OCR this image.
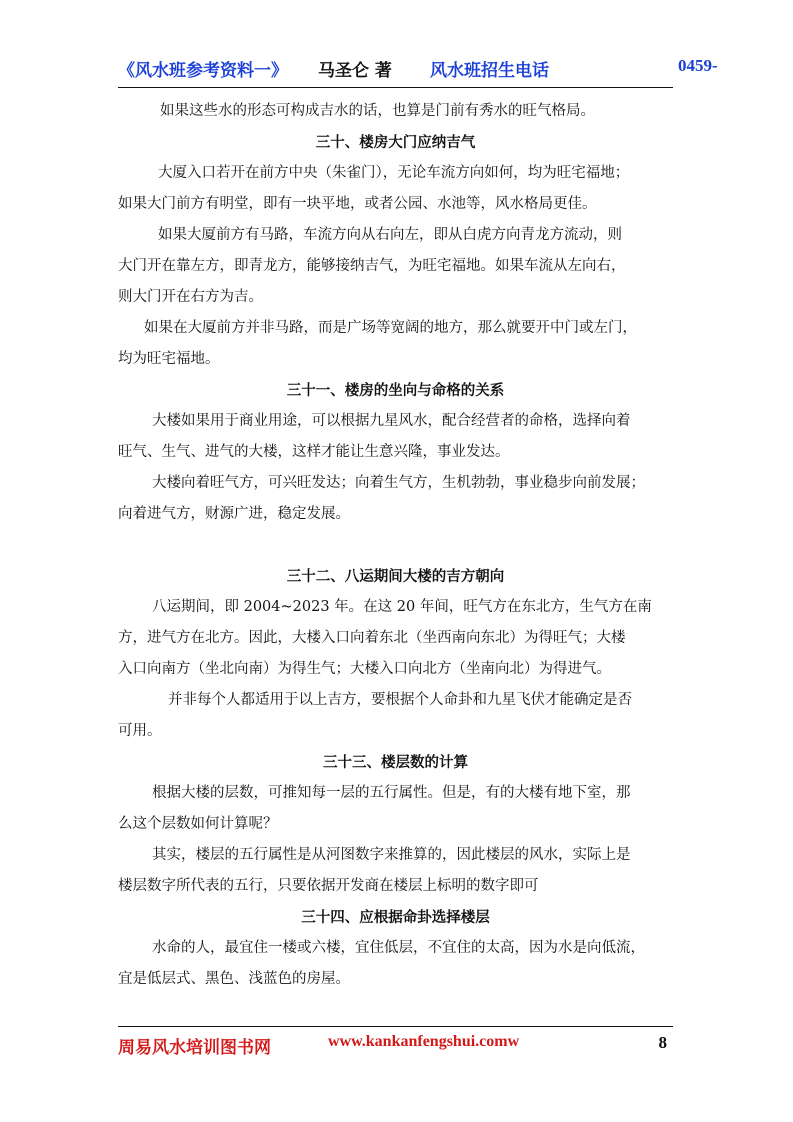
《风水班参考资料一》 马圣仑 著 风水班招生电话	0459-
如果这些水的形态可构成吉水的话，也算是门前有秀水的旺气格局。
三十、楼房大门应纳吉气
大厦入口若开在前方中央（朱雀门），无论车流方向如何，均为旺宅福地；
如果大门前方有明堂，即有一块平地，或者公园、水池等，风水格局更佳。
如果大厦前方有马路，车流方向从右向左，即从白虎方向青龙方流动，则
大门开在靠左方，即青龙方，能够接纳吉气，为旺宅福地。如果车流从左向右，
则大门开在右方为吉。
如果在大厦前方并非马路，而是广场等宽阔的地方，那么就要开中门或左门，
均为旺宅福地。
三十一、楼房的坐向与命格的关系
大楼如果用于商业用途，可以根据九星风水，配合经营者的命格，选择向着
旺气、生气、进气的大楼，这样才能让生意兴隆，事业发达。
大楼向着旺气方，可兴旺发达；向着生气方，生机勃勃，事业稳步向前发展；
向着进气方，财源广进，稳定发展。
三十二、八运期间大楼的吉方朝向
八运期间，即 2004~2023 年。在这 20 年间，旺气方在东北方，生气方在南
方，进气方在北方。因此，大楼入口向着东北（坐西南向东北）为得旺气；大楼
入口向南方（坐北向南）为得生气；大楼入口向北方（坐南向北）为得进气。
并非每个人都适用于以上吉方，要根据个人命卦和九星飞伏才能确定是否
可用。
三十三、楼层数的计算
根据大楼的层数，可推知每一层的五行属性。但是，有的大楼有地下室，那
么这个层数如何计算呢？
其实，楼层的五行属性是从河图数字来推算的，因此楼层的风水，实际上是
楼层数字所代表的五行，只要依据开发商在楼层上标明的数字即可
三十四、应根据命卦选择楼层
水命的人，最宜住一楼或六楼，宜住低层，不宜住的太高，因为水是向低流，
宜是低层式、黑色、浅蓝色的房屋。
周易风水培训图书网	www.kankanfengshui.comw	8
